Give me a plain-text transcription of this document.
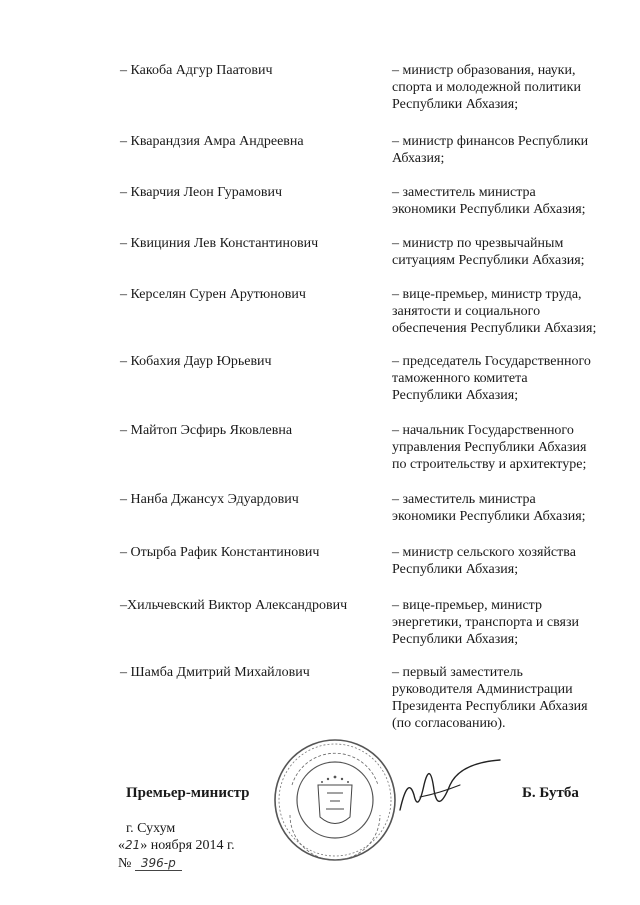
– Какоба Адгур Паатович	– министр образования, науки,
спорта и молодежной политики
Республики Абхазия;
– Кварандзия Амра Андреевна	– министр финансов Республики
Абхазия;
– Кварчия Леон Гурамович	– заместитель министра
экономики Республики Абхазия;
– Квициния Лев Константинович	– министр по чрезвычайным
ситуациям Республики Абхазия;
– Керселян Сурен Арутюнович	– вице-премьер, министр труда,
занятости и социального
обеспечения Республики Абхазия;
– Кобахия Даур Юрьевич	– председатель Государственного
таможенного комитета
Республики Абхазия;
– Майтоп Эсфирь Яковлевна	– начальник Государственного
управления Республики Абхазия
по строительству и архитектуре;
– Нанба Джансух Эдуардович	– заместитель министра
экономики Республики Абхазия;
– Отырба Рафик Константинович	– министр сельского хозяйства
Республики Абхазия;
–Хильчевский Виктор Александрович	– вице-премьер, министр
энергетики, транспорта и связи
Республики Абхазия;
– Шамба Дмитрий Михайлович	– первый заместитель
руководителя Администрации
Президента Республики Абхазия
(по согласованию).
Премьер-министр	Б. Бутба
г. Сухум
«21» ноября 2014 г.
№ 396-р
